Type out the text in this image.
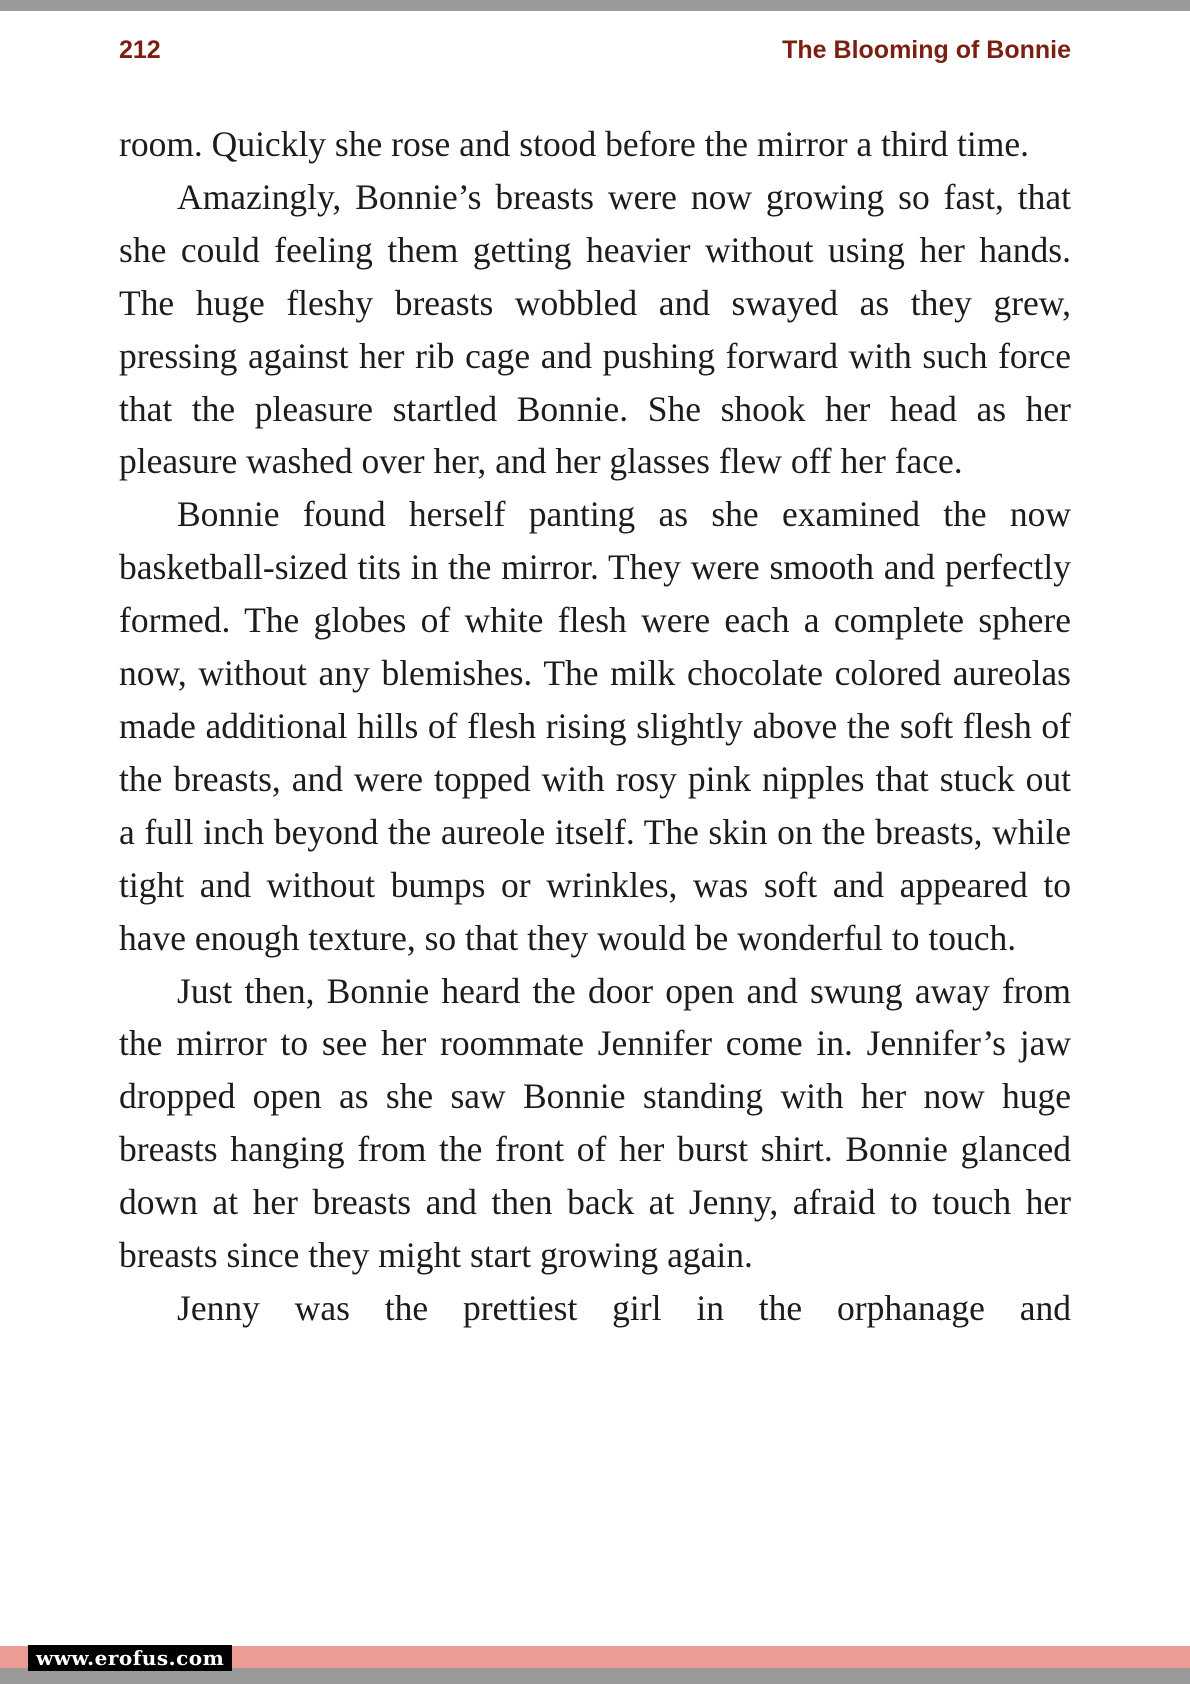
212	The Blooming of Bonnie

room. Quickly she rose and stood before the mirror a third time.

Amazingly, Bonnie’s breasts were now growing so fast, that she could feeling them getting heavier without using her hands. The huge fleshy breasts wobbled and swayed as they grew, pressing against her rib cage and pushing forward with such force that the pleasure startled Bonnie. She shook her head as her pleasure washed over her, and her glasses flew off her face.

Bonnie found herself panting as she examined the now basketball-sized tits in the mirror. They were smooth and perfectly formed. The globes of white flesh were each a complete sphere now, without any blemishes. The milk chocolate colored aureolas made additional hills of flesh rising slightly above the soft flesh of the breasts, and were topped with rosy pink nipples that stuck out a full inch beyond the aureole itself. The skin on the breasts, while tight and without bumps or wrinkles, was soft and appeared to have enough texture, so that they would be wonderful to touch.

Just then, Bonnie heard the door open and swung away from the mirror to see her roommate Jennifer come in. Jennifer’s jaw dropped open as she saw Bonnie standing with her now huge breasts hanging from the front of her burst shirt. Bonnie glanced down at her breasts and then back at Jenny, afraid to touch her breasts since they might start growing again.

Jenny was the prettiest girl in the orphanage and

www.erofus.com
